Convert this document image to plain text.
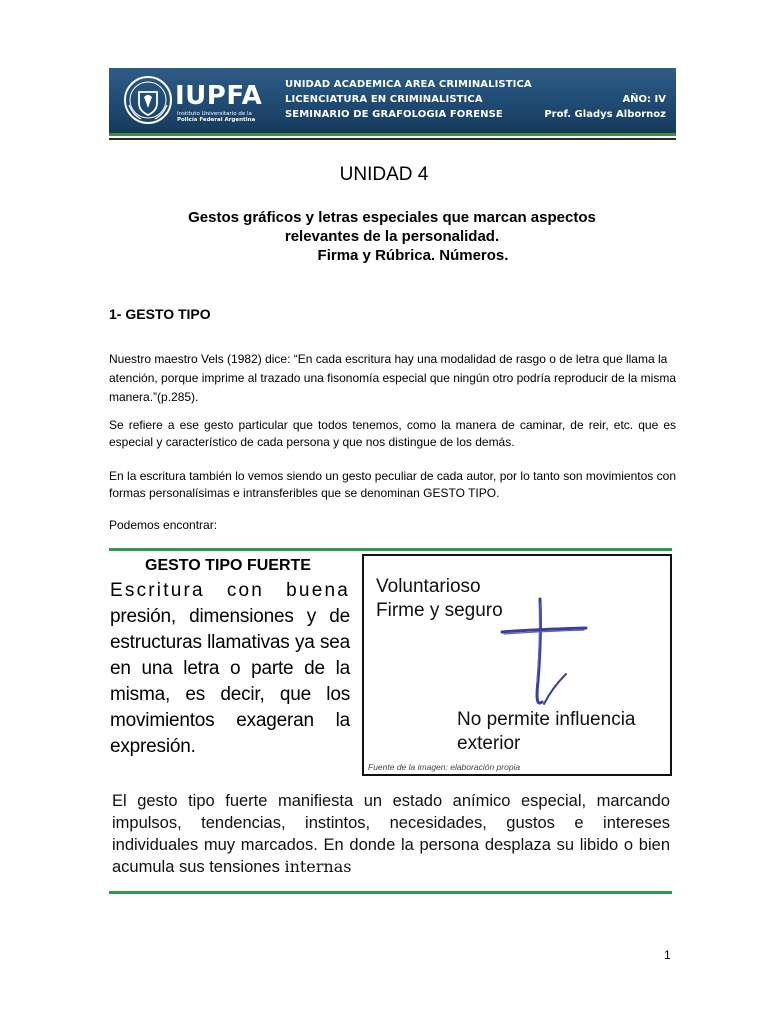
IUPFA
Instituto Universitario de la
Policía Federal Argentina
UNIDAD ACADEMICA AREA CRIMINALISTICA
LICENCIATURA EN CRIMINALISTICA
SEMINARIO DE GRAFOLOGIA FORENSE
AÑO: IV
Prof. Gladys Albornoz
UNIDAD 4
Gestos gráficos y letras especiales que marcan aspectos
relevantes de la personalidad.
Firma y Rúbrica. Números.
1- GESTO TIPO

Nuestro maestro Vels (1982) dice: “En cada escritura hay una modalidad de rasgo o de letra que llama la atención, porque imprime al trazado una fisonomía especial que ningún otro podría reproducir de la misma manera.”(p.285).

Se refiere a ese gesto particular que todos tenemos, como la manera de caminar, de reir, etc. que es especial y característico de cada persona y que nos distingue de los demás.

En la escritura también lo vemos siendo un gesto peculiar de cada autor, por lo tanto son movimientos con formas personalísimas e intransferibles que se denominan GESTO TIPO.

Podemos encontrar:

GESTO TIPO FUERTE
Escritura con buena presión, dimensiones y de estructuras llamativas ya sea en una letra o parte de la misma, es decir, que los movimientos exageran la expresión.
Voluntarioso
Firme y seguro
No permite influencia
exterior
Fuente de la imagen: elaboración propia
El gesto tipo fuerte manifiesta un estado anímico especial, marcando impulsos, tendencias, instintos, necesidades, gustos e intereses individuales muy marcados. En donde la persona desplaza su libido o bien acumula sus tensiones internas
1
